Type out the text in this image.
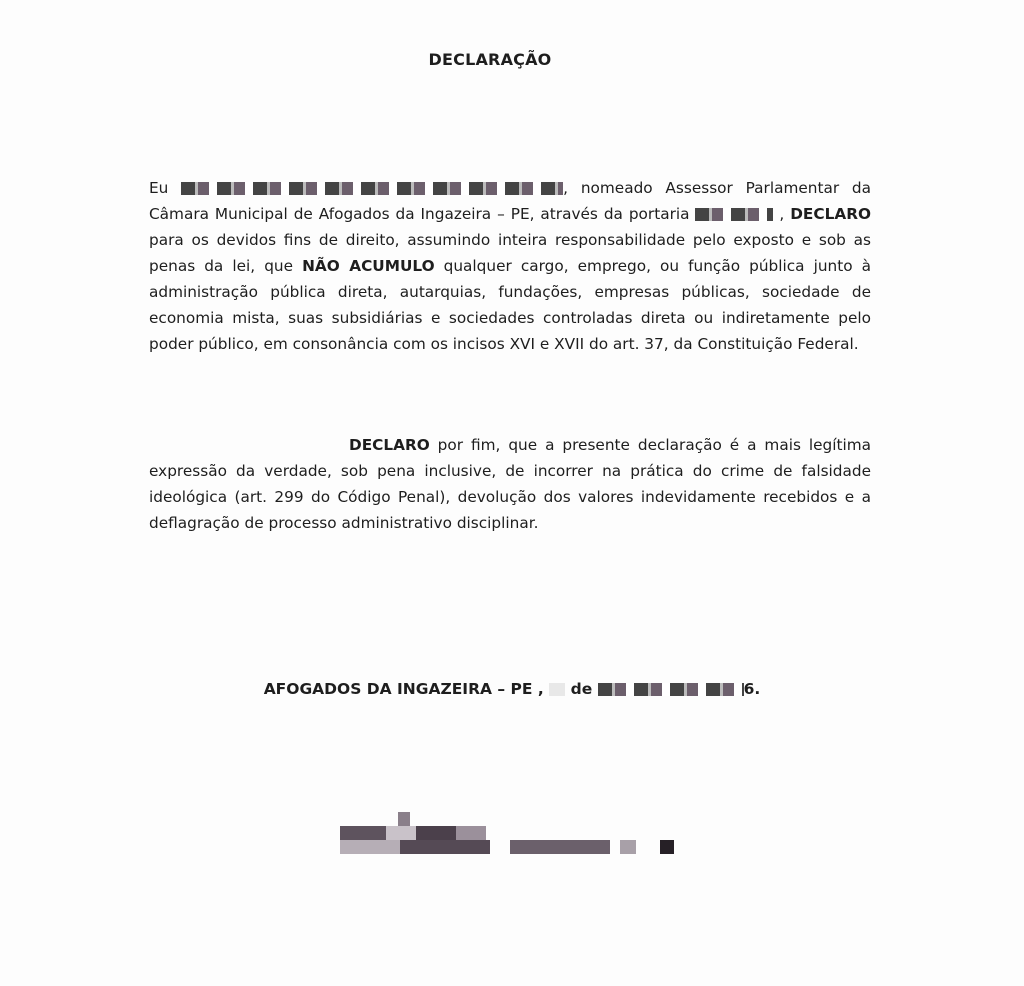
DECLARAÇÃO
Eu	, nomeado Assessor Parlamentar da Câmara Municipal de Afogados da Ingazeira – PE, através da portaria	, DECLARO para os devidos fins de direito, assumindo inteira responsabilidade pelo exposto e sob as penas da lei, que NÃO ACUMULO qualquer cargo, emprego, ou função pública junto à administração pública direta, autarquias, fundações, empresas públicas, sociedade de economia mista, suas subsidiárias e sociedades controladas direta ou indiretamente pelo poder público, em consonância com os incisos XVI e XVII do art. 37, da Constituição Federal.
DECLARO por fim, que a presente declaração é a mais legítima expressão da verdade, sob pena inclusive, de incorrer na prática do crime de falsidade ideológica (art. 299 do Código Penal), devolução dos valores indevidamente recebidos e a deflagração de processo administrativo disciplinar.
AFOGADOS DA INGAZEIRA – PE , de	6.
